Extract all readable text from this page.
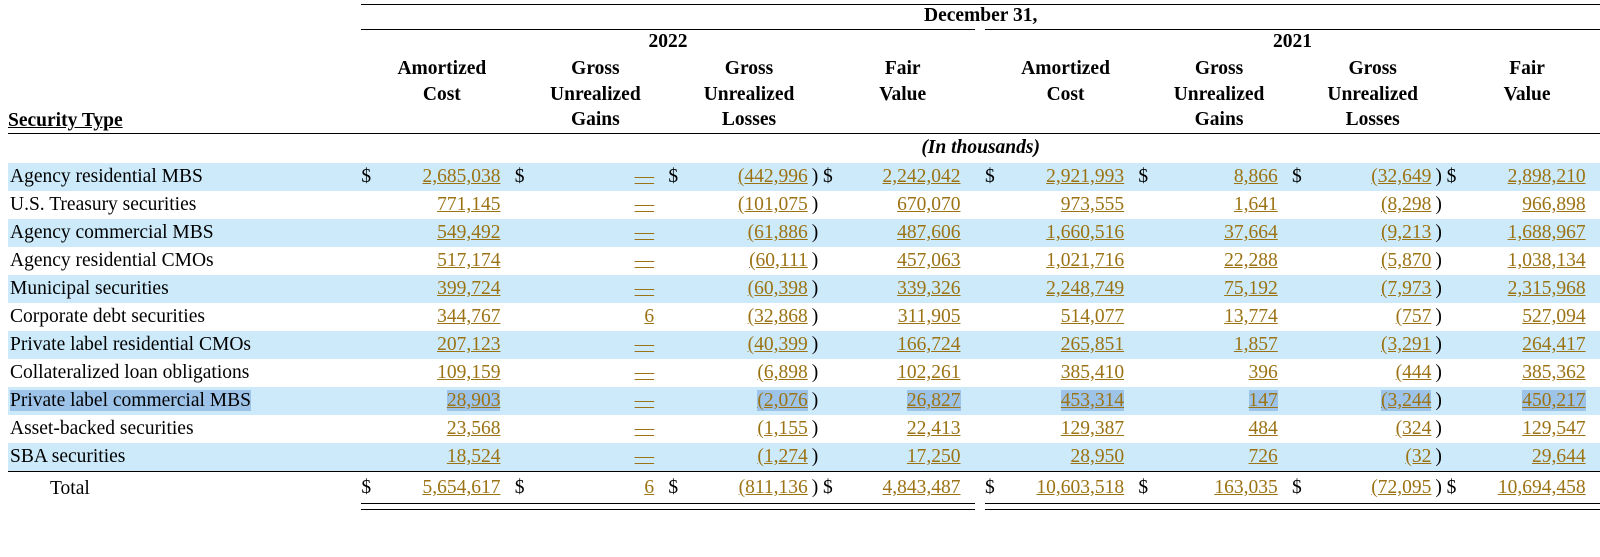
	December 31,																								
	2022													2021											
		Amortized			Gross			Gross			Fair				Amortized			Gross			Gross			Fair	
		Cost			Unrealized			Unrealized			Value				Cost			Unrealized			Unrealized			Value	
Security Type					Gains			Losses										Gains			Losses				
	(In thousands)																								
Agency residential MBS	$	2,685,038		$	—		$	(442,996	)	$	2,242,042			$	2,921,993		$	8,866		$	(32,649	)	$	2,898,210	
U.S. Treasury securities		771,145			—			(101,075	)		670,070				973,555			1,641			(8,298	)		966,898	
Agency commercial MBS		549,492			—			(61,886	)		487,606				1,660,516			37,664			(9,213	)		1,688,967	
Agency residential CMOs		517,174			—			(60,111	)		457,063				1,021,716			22,288			(5,870	)		1,038,134	
Municipal securities		399,724			—			(60,398	)		339,326				2,248,749			75,192			(7,973	)		2,315,968	
Corporate debt securities		344,767			6			(32,868	)		311,905				514,077			13,774			(757	)		527,094	
Private label residential CMOs		207,123			—			(40,399	)		166,724				265,851			1,857			(3,291	)		264,417	
Collateralized loan obligations		109,159			—			(6,898	)		102,261				385,410			396			(444	)		385,362	
Private label commercial MBS		28,903			—			(2,076	)		26,827				453,314			147			(3,244	)		450,217	
Asset-backed securities		23,568			—			(1,155	)		22,413				129,387			484			(324	)		129,547	
SBA securities		18,524			—			(1,274	)		17,250				28,950			726			(32	)		29,644	
Total	$	5,654,617		$	6		$	(811,136	)	$	4,843,487			$	10,603,518		$	163,035		$	(72,095	)	$	10,694,458	
